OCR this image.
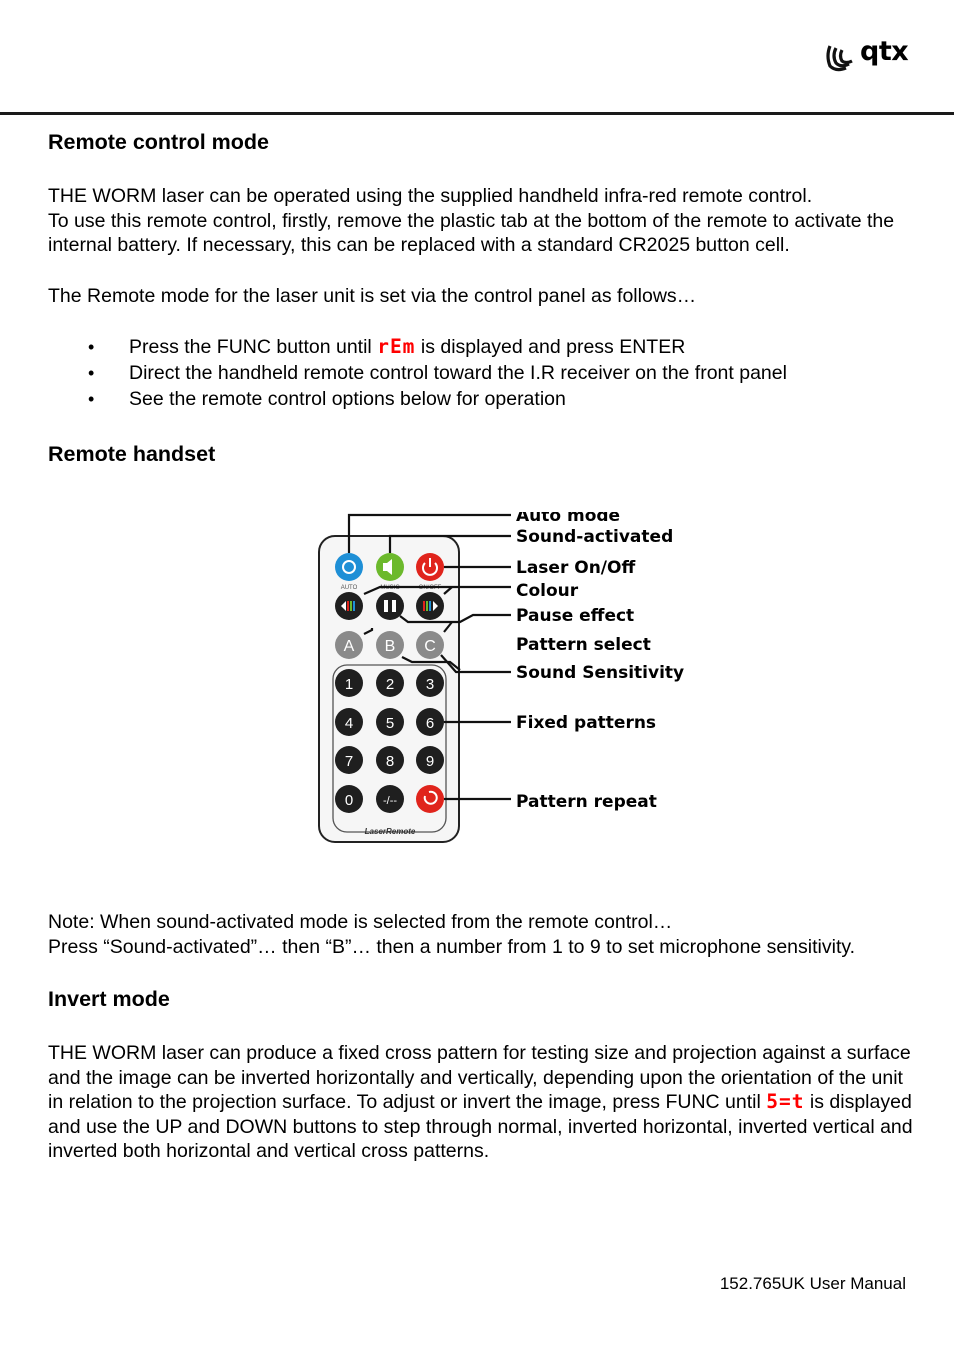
qtx
Remote control mode

THE WORM laser can be operated using the supplied handheld infra-red remote control.

To use this remote control, firstly, remove the plastic tab at the bottom of the remote to activate the internal battery. If necessary, this can be replaced with a standard CR2025 button cell.

The Remote mode for the laser unit is set via the control panel as follows…

• Press the FUNC button until rEm is displayed and press ENTER
• Direct the handheld remote control toward the I.R receiver on the front panel
• See the remote control options below for operation
Remote handset
AUTO	MUSIC	ON/OFF
A B C
1 2 3
4 5 6
7 8 9
0	-/--
LaserRemote
Auto mode
Sound-activated
Laser On/Off
Colour
Pause effect
Pattern select
Sound Sensitivity
Fixed patterns
Pattern repeat

Note: When sound-activated mode is selected from the remote control…

Press “Sound-activated”… then “B”… then a number from 1 to 9 to set microphone sensitivity.

Invert mode

THE WORM laser can produce a fixed cross pattern for testing size and projection against a surface and the image can be inverted horizontally and vertically, depending upon the orientation of the unit in relation to the projection surface. To adjust or invert the image, press FUNC until 5=t is displayed and use the UP and DOWN buttons to step through normal, inverted horizontal, inverted vertical and inverted both horizontal and vertical cross patterns.

152.765UK User Manual
